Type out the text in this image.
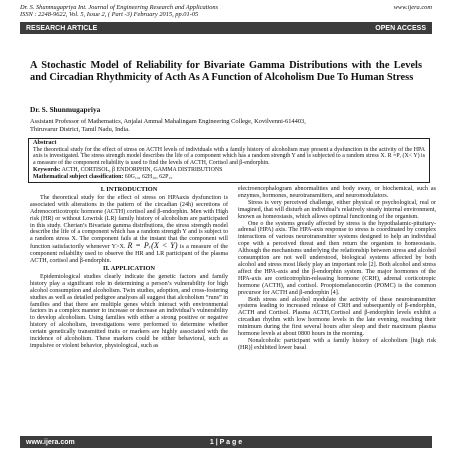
Dr. S. Shunmugapriya Int. Journal of Engineering Research and Applications	www.ijera.com
ISSN : 2248-9622, Vol. 5, Issue 2, ( Part -3) February 2015, pp.01-05
RESEARCH ARTICLE	OPEN ACCESS
A Stochastic Model of Reliability for Bivariate Gamma Distributions with the Levels and Circadian Rhythmicity of Acth As A Function of Alcoholism Due To Human Stress
Dr. S. Shunmugapriya
Assistant Professor of Mathematics, Anjalai Ammal Mahalingam Engineering College, Kovilvenni-614403,
Thiruvarur District, Tamil Nadu, India.
Abstract
The theoretical study for the effect of stress on ACTH levels of individuals with a family history of alcoholism may present a dysfunction in the activity of the HPA axis is investigated. The stress strength model describes the life of a component which has a random strength Y and is subjected to a random stress X. R =Pᵣ (X< Y) is a measure of the component reliability is used to find the levels of ACTH, Cortisol and β-endorphin.
Keywords: ACTH, CORTISOL, β ENDORPHIN, GAMMA DISTRIBUTIONS
Mathematical subject classification: 60G₁₅, 62H₁₀, 62P₁₅
I. INTRODUCTION

The theoretical study for the effect of stress on HPAaxis dysfunction is associated with alterations in the pattern of the circadian (24h) secretions of Adrenocorticotropic hormone (ACTH) cortisol and β-endorphin. Men with High risk (HR) or without Lowrisk (LR) family history of alcoholism are participated in this study. Cherian’s Bivariate gamma distributions, the stress strength model describe the life of a component which has a random strength Y and is subject to a random stress X. The component fails at the instant that the component will function satisfactorily whenever Y>X. R = Pᵣ(X < Y) is a measure of the component reliability used to observe the HR and LR participant of the plasma ACTH, cortisol and β-endorphin.

II. APPLICATION

Epidemiological studies clearly indicate the genetic factors and family history play a significant role in determining a person’s vulnerability for high alcohol consumption and alcoholism. Twin studies, adoption, and cross-fostering studies as well as detailed pedigree analyses all suggest that alcoholism “runs” in families and that there are multiple genes which interact with environmental factors in a complex manner to increase or decrease an individual’s vulnerability to develop alcoholism. Using families with either a strong positive or negative history of alcoholism, investigations were performed to determine whether certain genetically transmitted traits or markers are highly associated with the incidence of alcoholism. These markers could be either behavioral, such as impulsive or violent behavior, physiological, such as

electroencephalogram abnormalities and body sway, or biochemical, such as enzymes, hormones, neurotransmitters, and neuromodulators.

Stress is very perceived challenge, either physical or psychological, real or imagined, that will disturb an individual’s relatively steady internal environment, known as homeostasis, which allows optimal functioning of the organism.

One o the systems greatly affected by stress is the hypothalamic-pituitary-adrenal (HPA) axis. The HPA-axis response to stress is coordinated by complex interactions of various neurotransmitter systems designed to help an individual cope with a perceived threat and then return the organism to homeostasis. Although the mechanisms underlying the relationship between stress and alcohol consumption are not well understood, biological systems affected by both alcohol and stress most likely play an important role [2]. Both alcohol and stress affect the HPA-axis and the β-endorphin system. The major hormones of the HPA-axis are corticotrophin-releasing hormone (CRH), adrenal corticotropic hormone (ACTH), and cortisol. Proopiomelanocortin (POMC) is the common precursor for ACTH and β-endorphin [4].

Both stress and alcohol modulate the activity of these neurotransmitter systems leading to increased release of CRH and subsequently of β-endorphin, ACTH and Cortisol. Plasma ACTH,Cortisol and β-endorphin levels exhibit a circadian rhythm with low hormone levels in the late evening, reaching their minimum during the first several hours after sleep and their maximum plasma hormone levels at about 0800 hours in the morning.

Nonalcoholic participant with a family history of alcoholism [high risk (HR)] exhibited lower basal

www.ijera.com	1 | P a g e
